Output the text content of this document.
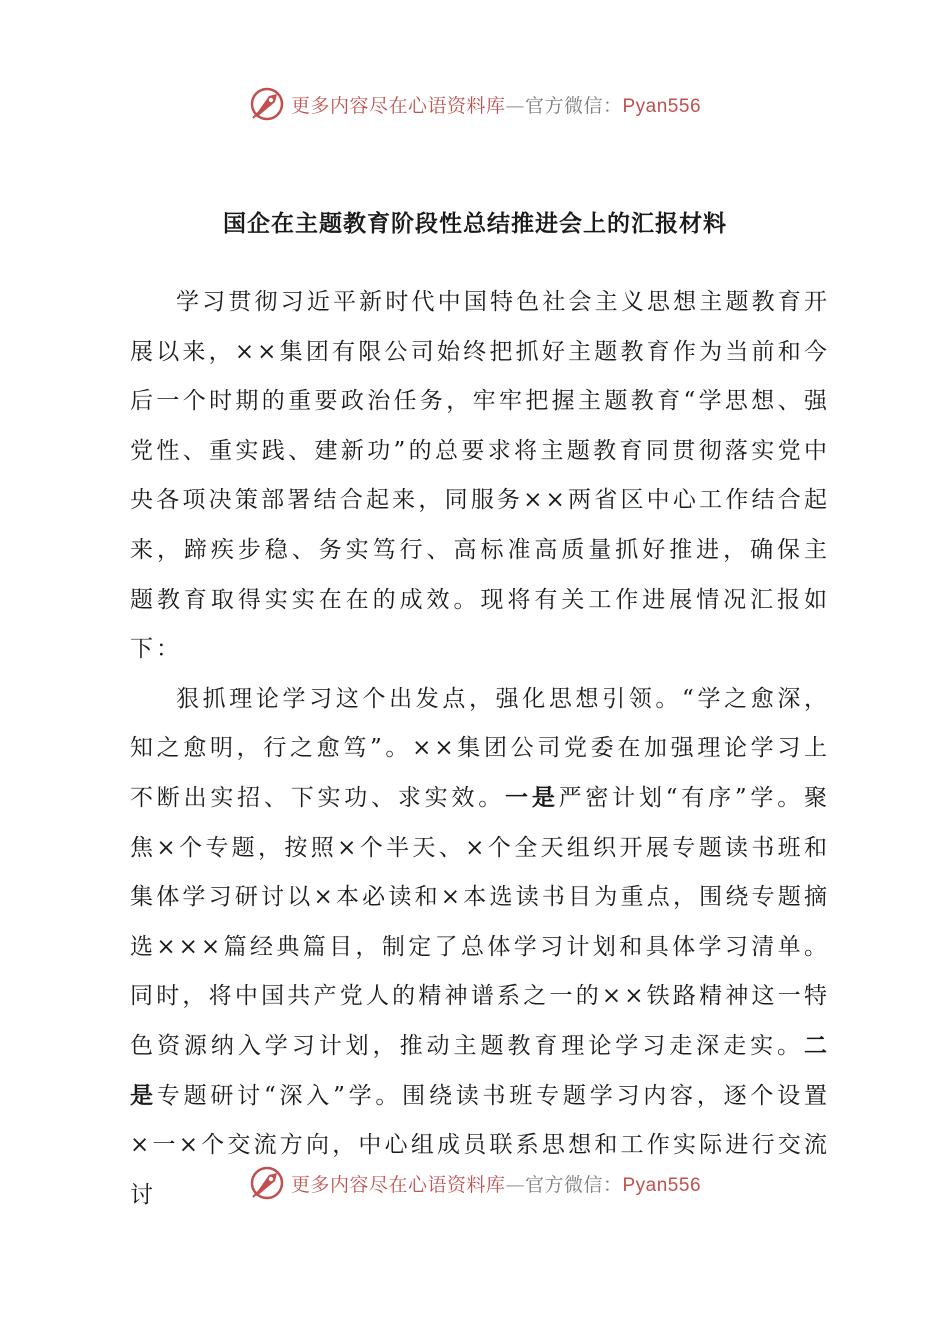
更多内容尽在心语资料库—官方微信：Pyan556
国企在主题教育阶段性总结推进会上的汇报材料

学习贯彻习近平新时代中国特色社会主义思想主题教育开展以来，××集团有限公司始终把抓好主题教育作为当前和今后一个时期的重要政治任务，牢牢把握主题教育“学思想、强党性、重实践、建新功”的总要求将主题教育同贯彻落实党中央各项决策部署结合起来，同服务××两省区中心工作结合起来，蹄疾步稳、务实笃行、高标准高质量抓好推进，确保主题教育取得实实在在的成效。现将有关工作进展情况汇报如下：

狠抓理论学习这个出发点，强化思想引领。“学之愈深，知之愈明，行之愈笃”。××集团公司党委在加强理论学习上不断出实招、下实功、求实效。一是严密计划“有序”学。聚焦×个专题，按照×个半天、×个全天组织开展专题读书班和集体学习研讨以×本必读和×本选读书目为重点，围绕专题摘选×××篇经典篇目，制定了总体学习计划和具体学习清单。同时，将中国共产党人的精神谱系之一的××铁路精神这一特色资源纳入学习计划，推动主题教育理论学习走深走实。二是专题研讨“深入”学。围绕读书班专题学习内容，逐个设置×一×个交流方向，中心组成员联系思想和工作实际进行交流讨	更多内容尽在心语资料库—官方微信：Pyan556
